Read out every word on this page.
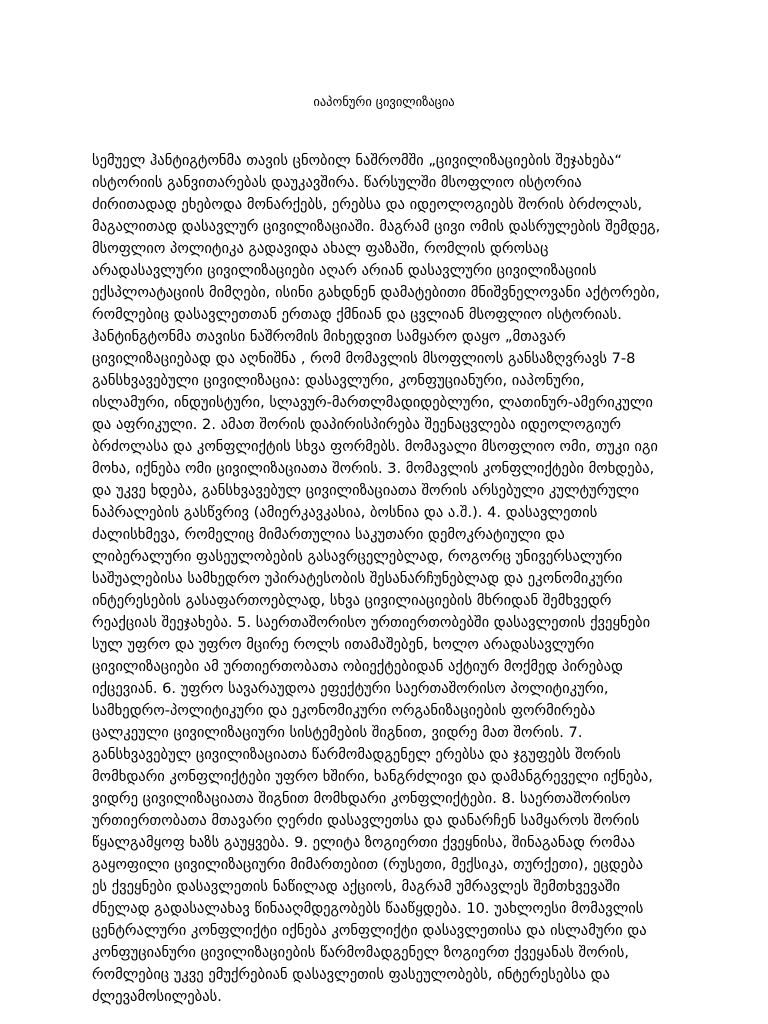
იაპონური ცივილიზაცია
სემუელ ჰანტიგტონმა თავის ცნობილ ნაშრომში „ცივილიზაციების შეჯახება“
ისტორიის განვითარებას დაუკავშირა. წარსულში მსოფლიო ისტორია
ძირითადად ეხებოდა მონარქებს, ერებსა და იდეოლოგიებს შორის ბრძოლას,
მაგალითად დასავლურ ცივილიზაციაში. მაგრამ ცივი ომის დასრულების შემდეგ,
მსოფლიო პოლიტიკა გადავიდა ახალ ფაზაში, რომლის დროსაც
არადასავლური ცივილიზაციები აღარ არიან დასავლური ცივილიზაციის
ექსპლოატაციის მიმღები, ისინი გახდნენ დამატებითი მნიშვნელოვანი აქტორები,
რომლებიც დასავლეთთან ერთად ქმნიან და ცვლიან მსოფლიო ისტორიას.
ჰანტინგტონმა თავისი ნაშრომის მიხედვით სამყარო დაყო „მთავარ
ცივილიზაციებად და აღნიშნა , რომ მომავლის მსოფლიოს განსაზღვრავს 7-8
განსხვავებული ცივილიზაცია: დასავლური, კონფუციანური, იაპონური,
ისლამური, ინდუისტური, სლავურ-მართლმადიდებლური, ლათინურ-ამერიკული
და აფრიკული. 2. ამათ შორის დაპირისპირება შეენაცვლება იდეოლოგიურ
ბრძოლასა და კონფლიქტის სხვა ფორმებს. მომავალი მსოფლიო ომი, თუკი იგი
მოხა, იქნება ომი ცივილიზაციათა შორის. 3. მომავლის კონფლიქტები მოხდება,
და უკვე ხდება, განსხვავებულ ცივილიზაციათა შორის არსებული კულტურული
ნაპრალების გასწვრივ (ამიერკავკასია, ბოსნია და ა.შ.). 4. დასავლეთის
ძალისხმევა, რომელიც მიმართულია საკუთარი დემოკრატიული და
ლიბერალური ფასეულობების გასავრცელებლად, როგორც უნივერსალური
საშუალებისა სამხედრო უპირატესობის შესანარჩუნებლად და ეკონომიკური
ინტერესების გასაფართოებლად, სხვა ცივილიაციების მხრიდან შემხვედრ
რეაქციას შეეჯახება. 5. საერთაშორისო ურთიერთობებში დასავლეთის ქვეყნები
სულ უფრო და უფრო მცირე როლს ითამაშებენ, ხოლო არადასავლური
ცივილიზაციები ამ ურთიერთობათა ობიექტებიდან აქტიურ მოქმედ პირებად
იქცევიან. 6. უფრო სავარაუდოა ეფექტური საერთაშორისო პოლიტიკური,
სამხედრო-პოლიტიკური და ეკონომიკური ორგანიზაციების ფორმირება
ცალკეული ცივილიზაციური სისტემების შიგნით, ვიდრე მათ შორის. 7.
განსხვავებულ ცივილიზაციათა წარმომადგენელ ერებსა და ჯგუფებს შორის
მომხდარი კონფლიქტები უფრო ხშირი, ხანგრძლივი და დამანგრეველი იქნება,
ვიდრე ცივილიზაციათა შიგნით მომხდარი კონფლიქტები. 8. საერთაშორისო
ურთიერთობათა მთავარი ღერძი დასავლეთსა და დანარჩენ სამყაროს შორის
წყალგამყოფ ხაზს გაუყვება. 9. ელიტა ზოგიერთი ქვეყნისა, შინაგანად რომაა
გაყოფილი ცივილიზაციური მიმართებით (რუსეთი, მექსიკა, თურქეთი), ეცდება
ეს ქვეყნები დასავლეთის ნაწილად აქციოს, მაგრამ უმრავლეს შემთხვევაში
ძნელად გადასალახავ წინააღმდეგობებს წააწყდება. 10. უახლოესი მომავლის
ცენტრალური კონფლიქტი იქნება კონფლიქტი დასავლეთისა და ისლამური და
კონფუციანური ცივილიზაციების წარმომადგენელ ზოგიერთ ქვეყანას შორის,
რომლებიც უკვე ემუქრებიან დასავლეთის ფასეულობებს, ინტერესებსა და
ძლევამოსილებას.
